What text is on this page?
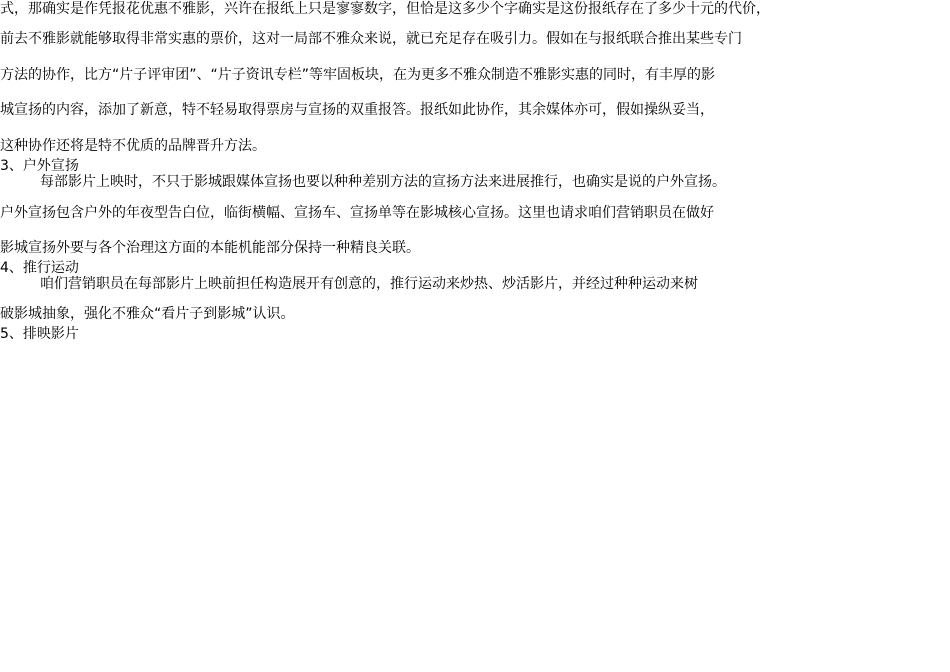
式，那确实是作凭报花优惠不雅影，兴许在报纸上只是寥寥数字，但恰是这多少个字确实是这份报纸存在了多少十元的代价，
前去不雅影就能够取得非常实惠的票价，这对一局部不雅众来说，就已充足存在吸引力。假如在与报纸联合推出某些专门
方法的协作，比方“片子评审团”、“片子资讯专栏”等牢固板块，在为更多不雅众制造不雅影实惠的同时，有丰厚的影
城宣扬的内容，添加了新意，特不轻易取得票房与宣扬的双重报答。报纸如此协作，其余媒体亦可，假如操纵妥当，
这种协作还将是特不优质的品牌晋升方法。
3、户外宣扬
每部影片上映时，不只于影城跟媒体宣扬也要以种种差别方法的宣扬方法来进展推行，也确实是说的户外宣扬。
户外宣扬包含户外的年夜型告白位，临街横幅、宣扬车、宣扬单等在影城核心宣扬。这里也请求咱们营销职员在做好
影城宣扬外要与各个治理这方面的本能机能部分保持一种精良关联。
4、推行运动
咱们营销职员在每部影片上映前担任构造展开有创意的，推行运动来炒热、炒活影片，并经过种种运动来树
破影城抽象，强化不雅众“看片子到影城”认识。
5、排映影片
